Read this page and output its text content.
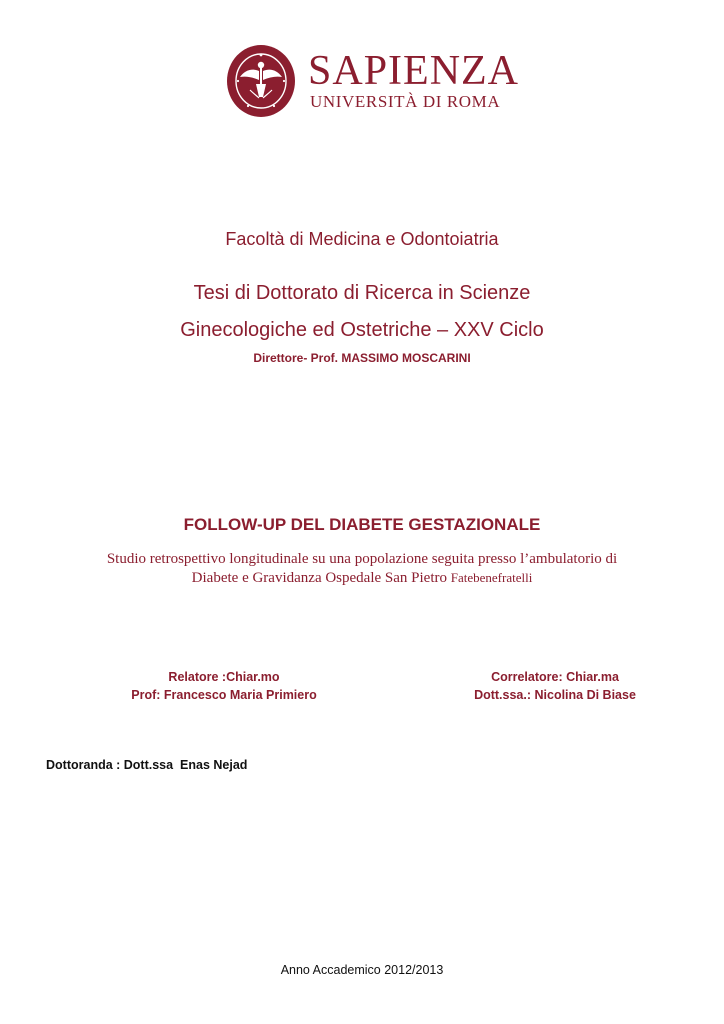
SAPIENZA
UNIVERSITÀ DI ROMA
Facoltà di Medicina e Odontoiatria
Tesi di Dottorato di Ricerca in Scienze
Ginecologiche ed Ostetriche – XXV Ciclo
Direttore- Prof. MASSIMO MOSCARINI
FOLLOW-UP DEL DIABETE GESTAZIONALE
Studio retrospettivo longitudinale su una popolazione seguita presso l’ambulatorio di
Diabete e Gravidanza Ospedale San Pietro Fatebenefratelli
Relatore :Chiar.mo
Prof: Francesco Maria Primiero
Correlatore: Chiar.ma
Dott.ssa.: Nicolina Di Biase
Dottoranda : Dott.ssa  Enas Nejad
Anno Accademico 2012/2013
